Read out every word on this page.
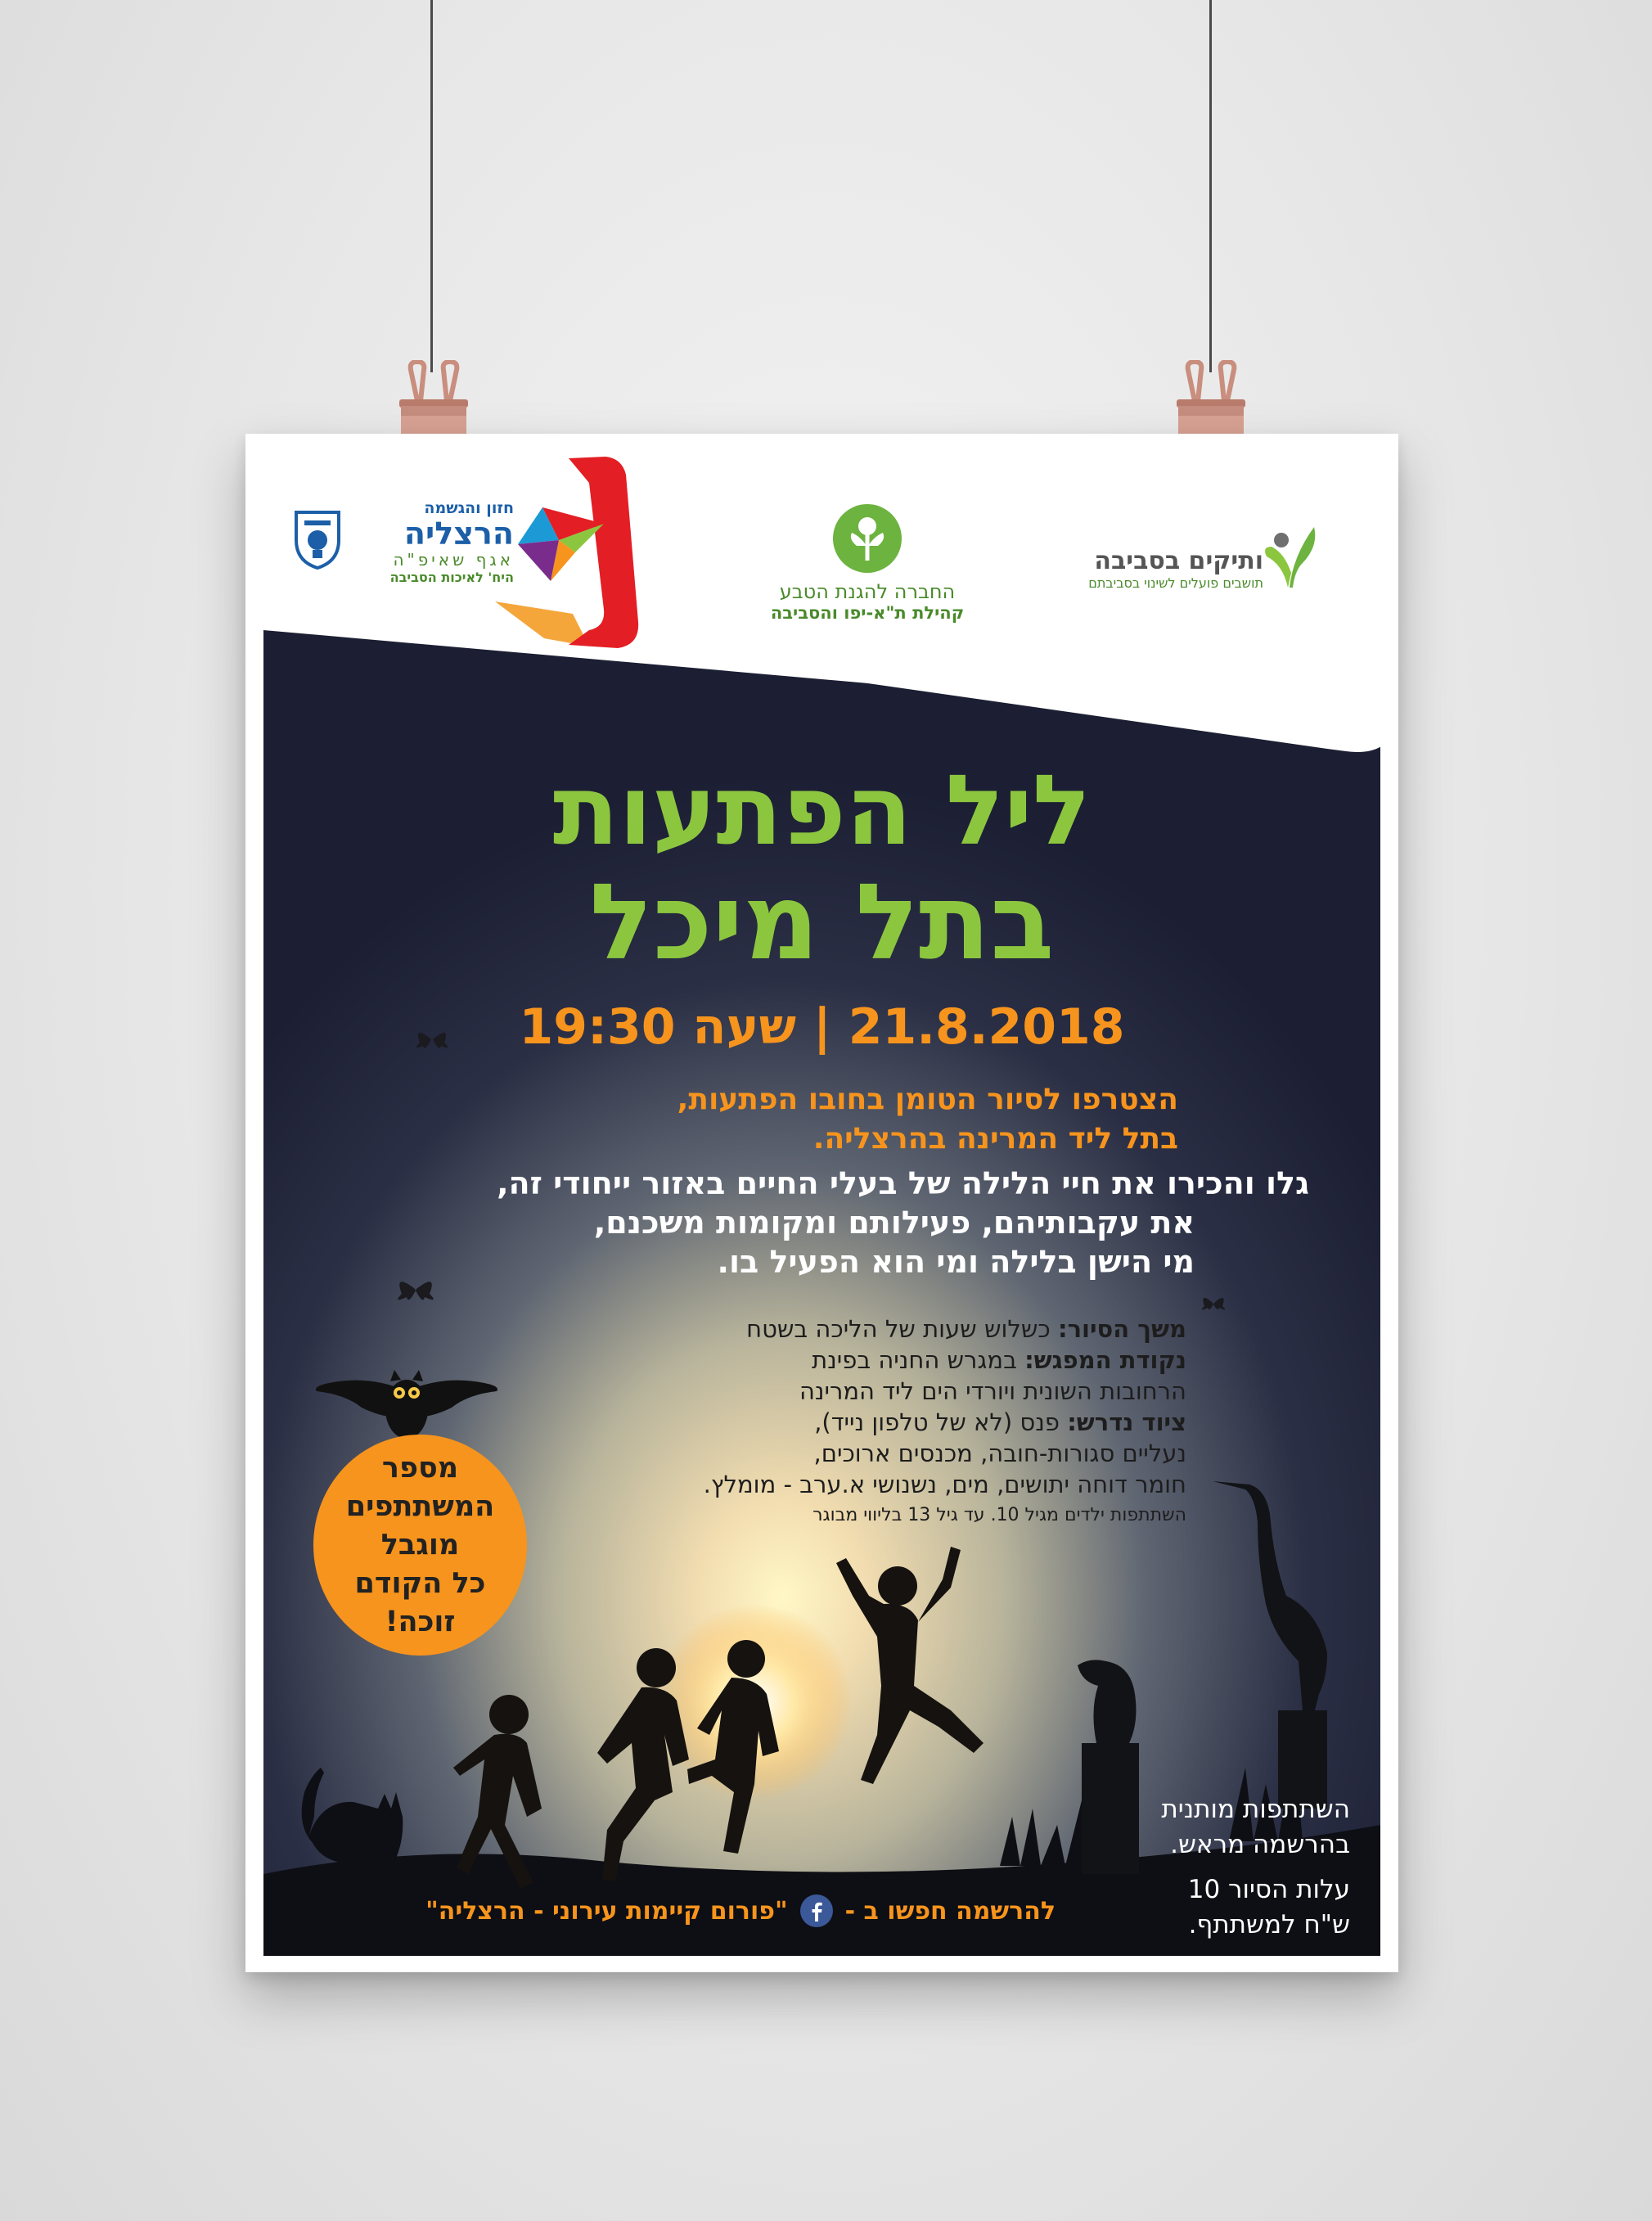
חזון והגשמה
הרצליה
אגף שאיפ"ה
היח' לאיכות הסביבה
החברה להגנת הטבע
קהילת ת"א-יפו והסביבה
ותיקים בסביבה
תושבים פועלים לשינוי בסביבתם
ליל הפתעות
בתל מיכל
21.8.2018 | שעה 19:30
הצטרפו לסיור הטומן בחובו הפתעות,
בתל ליד המרינה בהרצליה.
גלו והכירו את חיי הלילה של בעלי החיים באזור ייחודי זה,
את עקבותיהם, פעילותם ומקומות משכנם,
מי הישן בלילה ומי הוא הפעיל בו.
משך הסיור: כשלוש שעות של הליכה בשטח
נקודת המפגש: במגרש החניה בפינת
הרחובות השונית ויורדי הים ליד המרינה
ציוד נדרש: פנס (לא של טלפון נייד),
נעליים סגורות-חובה, מכנסים ארוכים,
חומר דוחה יתושים, מים, נשנושי א.ערב - מומלץ.
השתתפות ילדים מגיל 10. עד גיל 13 בליווי מבוגר
מספר
המשתתפים
מוגבל
כל הקודם
זוכה!
השתתפות מותנית
בהרשמה מראש.
עלות הסיור 10
ש"ח למשתתף.
להרשמה חפשו ב -
"פורום קיימות עירוני - הרצליה"
